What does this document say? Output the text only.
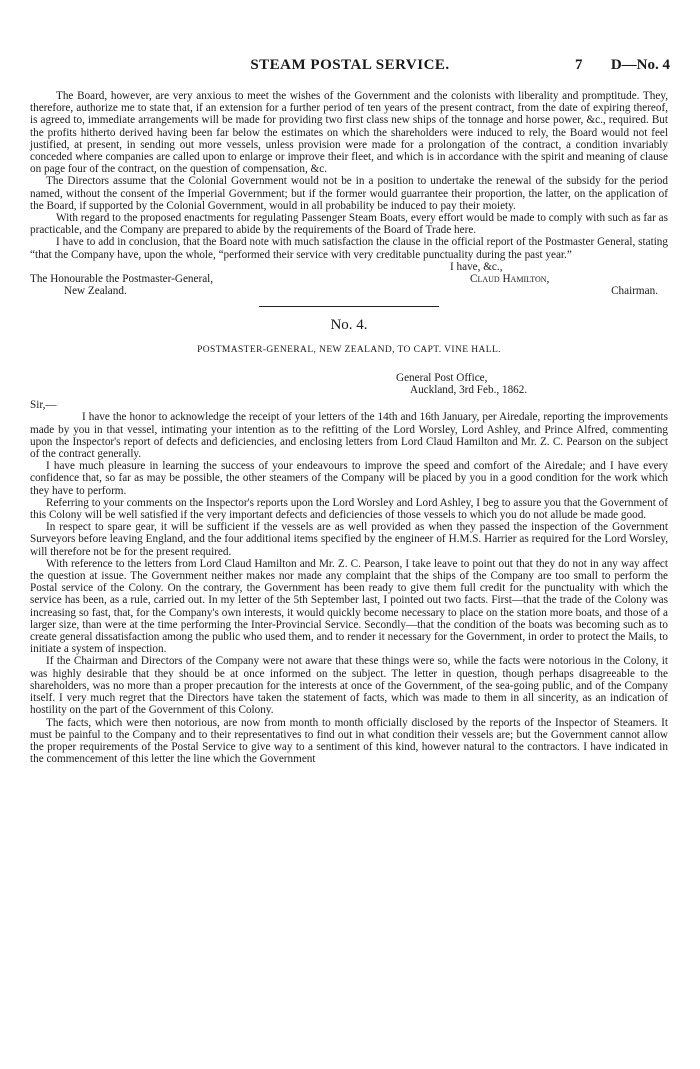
STEAM POSTAL SERVICE.	7 D—No. 4

The Board, however, are very anxious to meet the wishes of the Government and the colonists with liberality and promptitude. They, therefore, authorize me to state that, if an extension for a further period of ten years of the present contract, from the date of expiring thereof, is agreed to, immediate arrangements will be made for providing two first class new ships of the tonnage and horse power, &c., required. But the profits hitherto derived having been far below the estimates on which the shareholders were induced to rely, the Board would not feel justified, at present, in sending out more vessels, unless provision were made for a prolongation of the contract, a condition invariably conceded where companies are called upon to enlarge or improve their fleet, and which is in accordance with the spirit and meaning of clause on page four of the contract, on the question of compensation, &c.

The Directors assume that the Colonial Government would not be in a position to undertake the renewal of the subsidy for the period named, without the consent of the Imperial Government; but if the former would guarrantee their proportion, the latter, on the application of the Board, if supported by the Colonial Government, would in all probability be induced to pay their moiety.

With regard to the proposed enactments for regulating Passenger Steam Boats, every effort would be made to comply with such as far as practicable, and the Company are prepared to abide by the requirements of the Board of Trade here.

I have to add in conclusion, that the Board note with much satisfaction the clause in the official report of the Postmaster General, stating “that the Company have, upon the whole, “performed their service with very creditable punctuality during the past year.”

I have, &c.,
The Honourable the Postmaster-General,	Claud Hamilton,
New Zealand.	Chairman.
No. 4.
POSTMASTER-GENERAL, NEW ZEALAND, TO CAPT. VINE HALL.
General Post Office,
Auckland, 3rd Feb., 1862.
Sir,—

I have the honor to acknowledge the receipt of your letters of the 14th and 16th January, per Airedale, reporting the improvements made by you in that vessel, intimating your intention as to the refitting of the Lord Worsley, Lord Ashley, and Prince Alfred, commenting upon the Inspector's report of defects and deficiencies, and enclosing letters from Lord Claud Hamilton and Mr. Z. C. Pearson on the subject of the contract generally.

I have much pleasure in learning the success of your endeavours to improve the speed and comfort of the Airedale; and I have every confidence that, so far as may be possible, the other steamers of the Company will be placed by you in a good condition for the work which they have to perform.

Referring to your comments on the Inspector's reports upon the Lord Worsley and Lord Ashley, I beg to assure you that the Government of this Colony will be well satisfied if the very important defects and deficiencies of those vessels to which you do not allude be made good.

In respect to spare gear, it will be sufficient if the vessels are as well provided as when they passed the inspection of the Government Surveyors before leaving England, and the four additional items specified by the engineer of H.M.S. Harrier as required for the Lord Worsley, will therefore not be for the present required.

With reference to the letters from Lord Claud Hamilton and Mr. Z. C. Pearson, I take leave to point out that they do not in any way affect the question at issue. The Government neither makes nor made any complaint that the ships of the Company are too small to perform the Postal service of the Colony. On the contrary, the Government has been ready to give them full credit for the punctuality with which the service has been, as a rule, carried out. In my letter of the 5th September last, I pointed out two facts. First—that the trade of the Colony was increasing so fast, that, for the Company's own interests, it would quickly become necessary to place on the station more boats, and those of a larger size, than were at the time performing the Inter-Provincial Service. Secondly—that the condition of the boats was becoming such as to create general dissatisfaction among the public who used them, and to render it necessary for the Government, in order to protect the Mails, to initiate a system of inspection.

If the Chairman and Directors of the Company were not aware that these things were so, while the facts were notorious in the Colony, it was highly desirable that they should be at once informed on the subject. The letter in question, though perhaps disagreeable to the shareholders, was no more than a proper precaution for the interests at once of the Government, of the sea-going public, and of the Company itself. I very much regret that the Directors have taken the statement of facts, which was made to them in all sincerity, as an indication of hostility on the part of the Government of this Colony.

The facts, which were then notorious, are now from month to month officially disclosed by the reports of the Inspector of Steamers. It must be painful to the Company and to their representatives to find out in what condition their vessels are; but the Government cannot allow the proper requirements of the Postal Service to give way to a sentiment of this kind, however natural to the contractors. I have indicated in the commencement of this letter the line which the Government
